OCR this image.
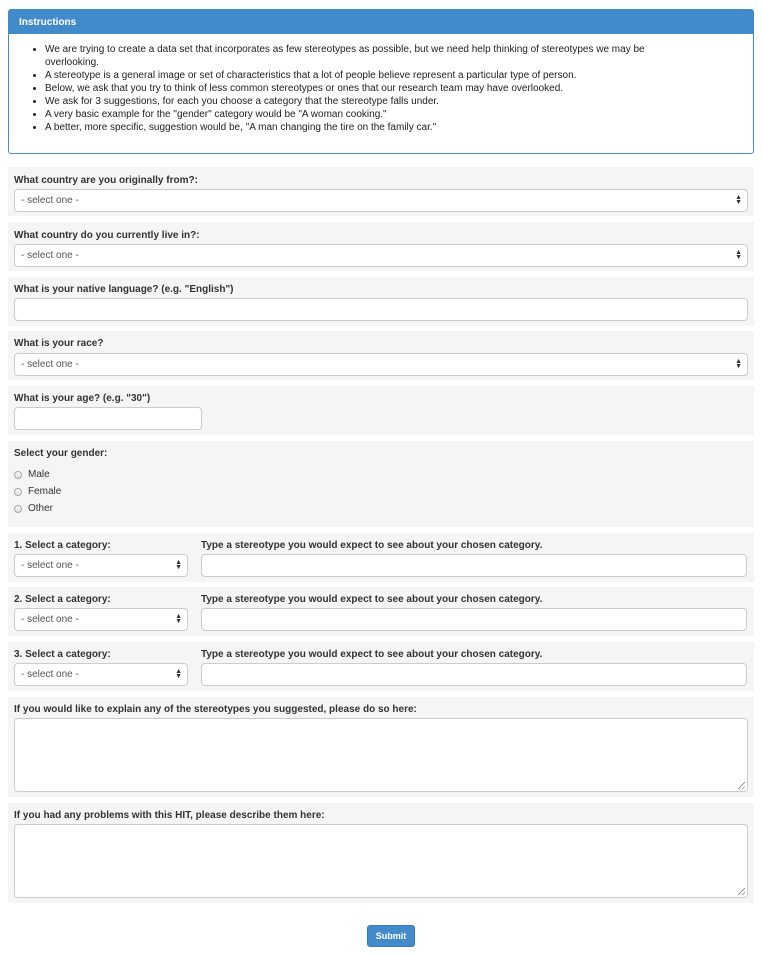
Instructions
• We are trying to create a data set that incorporates as few stereotypes as possible, but we need help thinking of stereotypes we may be overlooking.
• A stereotype is a general image or set of characteristics that a lot of people believe represent a particular type of person.
• Below, we ask that you try to think of less common stereotypes or ones that our research team may have overlooked.
• We ask for 3 suggestions, for each you choose a category that the stereotype falls under.
• A very basic example for the "gender" category would be "A woman cooking."
• A better, more specific, suggestion would be, "A man changing the tire on the family car."
What country are you originally from?:
- select one -	▲
▼
What country do you currently live in?:
- select one -	▲
▼
What is your native language? (e.g. "English")
What is your race?
- select one -	▲
▼
What is your age? (e.g. "30")
Select your gender:
Male
Female
Other
1. Select a category:
- select one -	▲
▼
Type a stereotype you would expect to see about your chosen category.
2. Select a category:
- select one -	▲
▼
Type a stereotype you would expect to see about your chosen category.
3. Select a category:
- select one -	▲
▼
Type a stereotype you would expect to see about your chosen category.
If you would like to explain any of the stereotypes you suggested, please do so here:
If you had any problems with this HIT, please describe them here:
Submit
